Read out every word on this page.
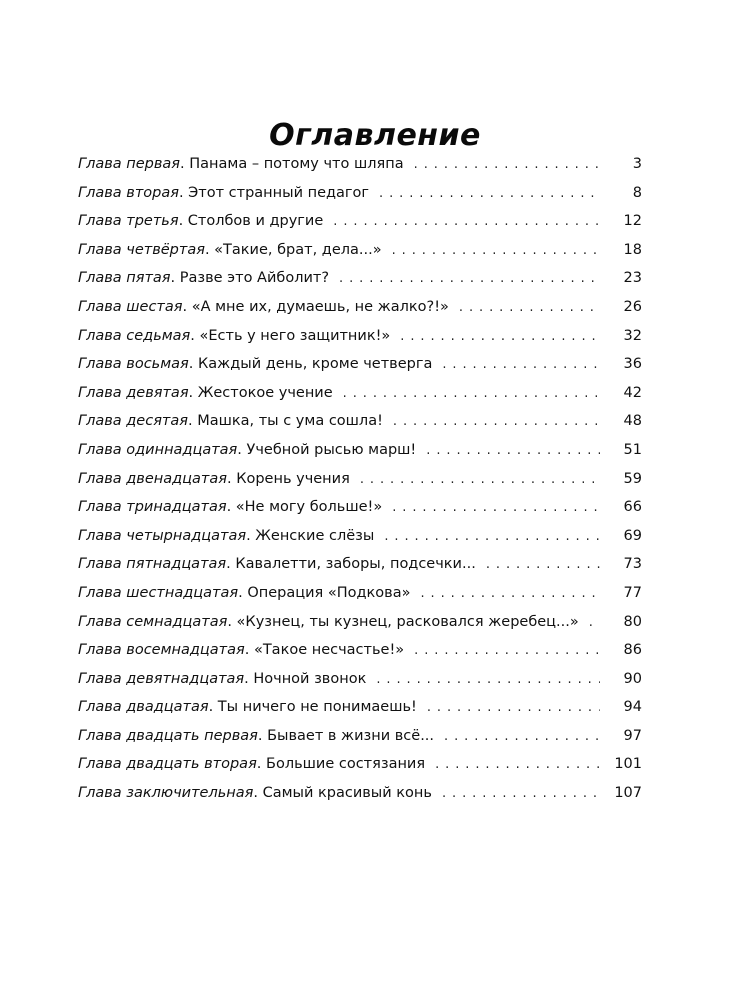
Оглавление
Глава первая . Панама – потому что шляпа . . .	3
Глава вторая . Этот странный педагог . . .	8
Глава третья . Столбов и другие . . .	12
Глава четвёртая . «Такие, брат, дела...» . . .	18
Глава пятая . Разве это Айболит? . . .	23
Глава шестая . «А мне их, думаешь, не жалко?!» . . .	26
Глава седьмая . «Есть у него защитник!» . . .	32
Глава восьмая . Каждый день, кроме четверга . . .	36
Глава девятая . Жестокое учение . . .	42
Глава десятая . Машка, ты с ума сошла! . . .	48
Глава одиннадцатая . Учебной рысью марш! . . .	51
Глава двенадцатая . Корень учения . . .	59
Глава тринадцатая . «Не могу больше!» . . .	66
Глава четырнадцатая . Женские слёзы . . .	69
Глава пятнадцатая . Кавалетти, заборы, подсечки... . . .	73
Глава шестнадцатая . Операция «Подкова» . . .	77
Глава семнадцатая . «Кузнец, ты кузнец, расковался жеребец...» . . .	80
Глава восемнадцатая . «Такое несчастье!» . . .	86
Глава девятнадцатая . Ночной звонок . . .	90
Глава двадцатая . Ты ничего не понимаешь! . . .	94
Глава двадцать первая . Бывает в жизни всё... . . .	97
Глава двадцать вторая . Большие состязания . . .	101
Глава заключительная . Самый красивый конь . . .	107
